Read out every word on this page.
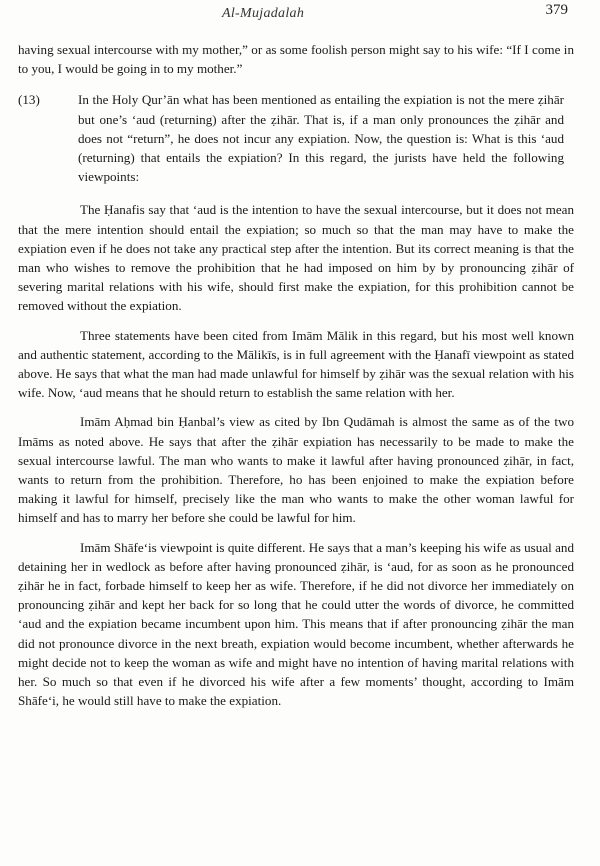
Al-Mujadalah	379

having sexual intercourse with my mother,” or as some foolish person might say to his wife: “If I come in to you, I would be going in to my mother.”

(13)	In the Holy Qur’ān what has been mentioned as entailing the expiation is not the mere ẓihār but one’s ‘aud (returning) after the ẓihār. That is, if a man only pronounces the ẓihār and does not “return”, he does not incur any expiation. Now, the question is: What is this ‘aud (returning) that entails the expiation? In this regard, the jurists have held the following viewpoints:

The Ḥanafis say that ‘aud is the intention to have the sexual intercourse, but it does not mean that the mere intention should entail the expiation; so much so that the man may have to make the expiation even if he does not take any practical step after the intention. But its correct meaning is that the man who wishes to remove the prohibition that he had imposed on him by by pronouncing ẓihār of severing marital relations with his wife, should first make the expiation, for this prohibition cannot be removed without the expiation.

Three statements have been cited from Imām Mālik in this regard, but his most well known and authentic statement, according to the Mālikīs, is in full agreement with the Ḥanafī viewpoint as stated above. He says that what the man had made unlawful for himself by ẓihār was the sexual relation with his wife. Now, ‘aud means that he should return to establish the same relation with her.

Imām Aḥmad bin Ḥanbal’s view as cited by Ibn Qudāmah is almost the same as of the two Imāms as noted above. He says that after the ẓihār expiation has necessarily to be made to make the sexual intercourse lawful. The man who wants to make it lawful after having pronounced ẓihār, in fact, wants to return from the prohibition. Therefore, ho has been enjoined to make the expiation before making it lawful for himself, precisely like the man who wants to make the other woman lawful for himself and has to marry her before she could be lawful for him.

Imām Shāfe‘is viewpoint is quite different. He says that a man’s keeping his wife as usual and detaining her in wedlock as before after having pronounced ẓihār, is ‘aud, for as soon as he pronounced ẓihār he in fact, forbade himself to keep her as wife. Therefore, if he did not divorce her immediately on pronouncing ẓihār and kept her back for so long that he could utter the words of divorce, he committed ‘aud and the expiation became incumbent upon him. This means that if after pronouncing ẓihār the man did not pronounce divorce in the next breath, expiation would become incumbent, whether afterwards he might decide not to keep the woman as wife and might have no intention of having marital relations with her. So much so that even if he divorced his wife after a few moments’ thought, according to Imām Shāfe‘i, he would still have to make the expiation.
